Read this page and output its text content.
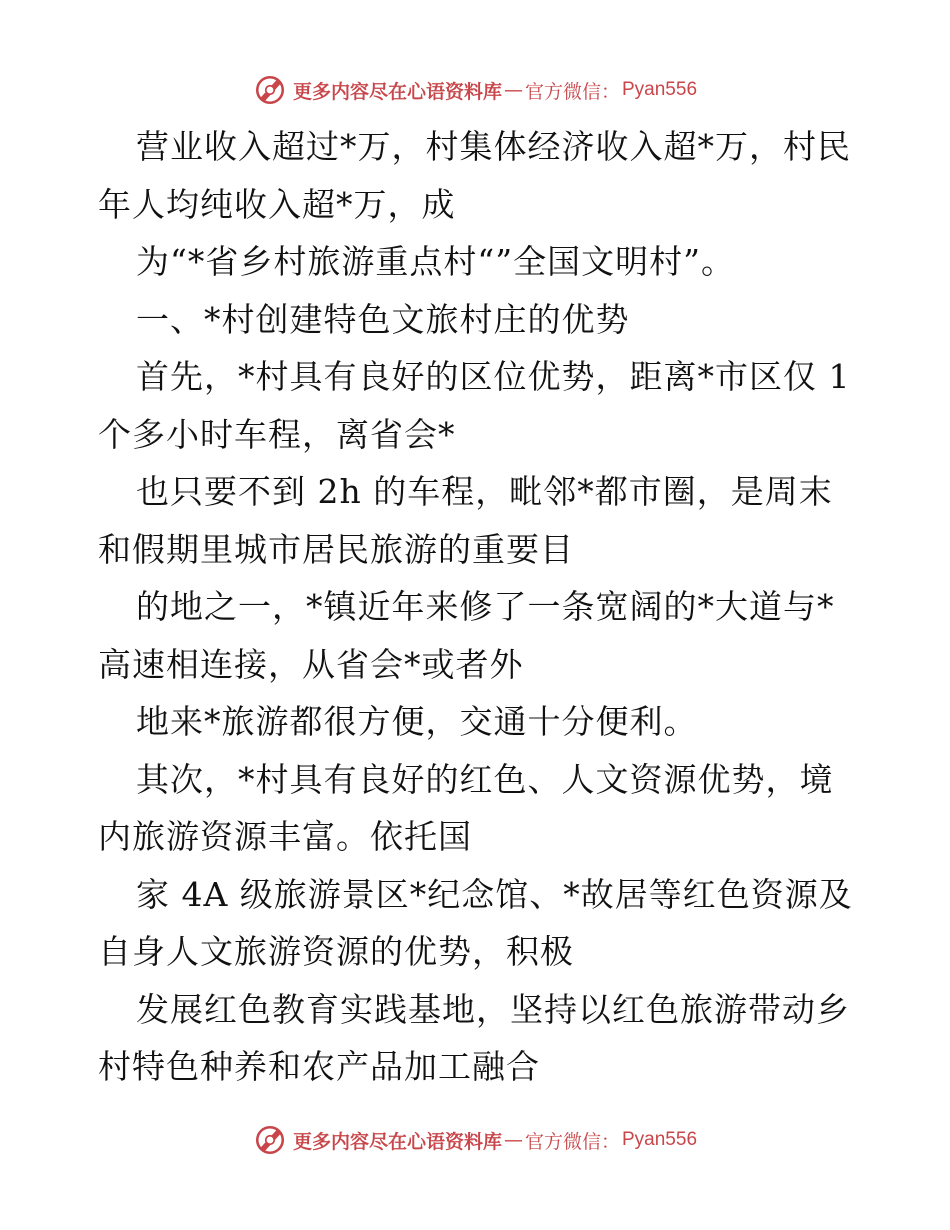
更多内容尽在心语资料库 — 官方微信： Pyan556
营业收入超过*万，村集体经济收入超*万，村民
年人均纯收入超*万，成
为“*省乡村旅游重点村“”全国文明村”。
一、*村创建特色文旅村庄的优势
首先，*村具有良好的区位优势，距离*市区仅 1
个多小时车程，离省会*
也只要不到 2h 的车程，毗邻*都市圈，是周末
和假期里城市居民旅游的重要目
的地之一，*镇近年来修了一条宽阔的*大道与*
高速相连接，从省会*或者外
地来*旅游都很方便，交通十分便利。
其次，*村具有良好的红色、人文资源优势，境
内旅游资源丰富。依托国
家 4A 级旅游景区*纪念馆、*故居等红色资源及
自身人文旅游资源的优势，积极
发展红色教育实践基地，坚持以红色旅游带动乡
村特色种养和农产品加工融合
更多内容尽在心语资料库 — 官方微信： Pyan556
